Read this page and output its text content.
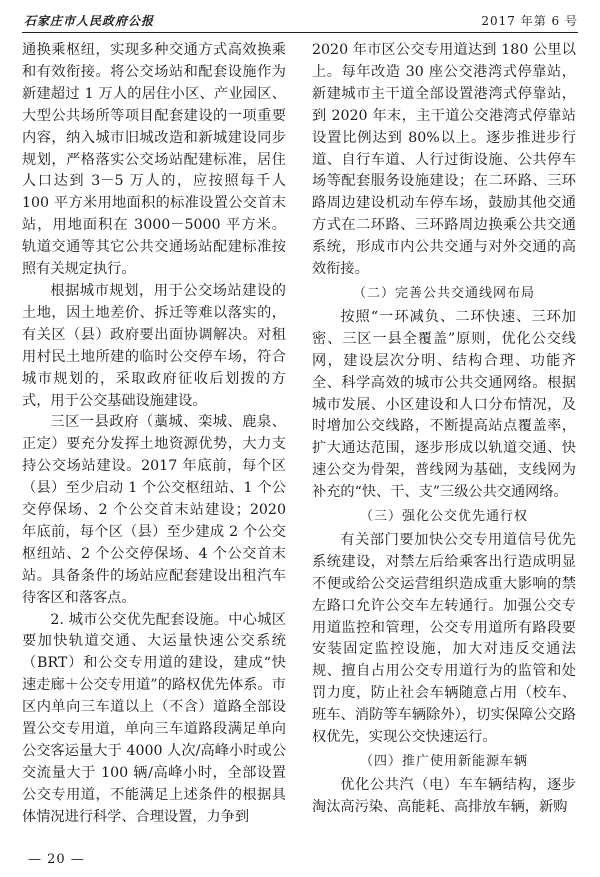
石家庄市人民政府公报	2017 年第 6 号

通换乘枢纽，实现多种交通方式高效换乘和有效衔接。将公交场站和配套设施作为新建超过 1 万人的居住小区、产业园区、大型公共场所等项目配套建设的一项重要内容，纳入城市旧城改造和新城建设同步规划，严格落实公交场站配建标准，居住人口达到 3－5 万人的，应按照每千人 100 平方米用地面积的标准设置公交首末站，用地面积在 3000－5000 平方米。轨道交通等其它公共交通场站配建标准按照有关规定执行。

根据城市规划，用于公交场站建设的土地，因土地差价、拆迁等难以落实的，有关区（县）政府要出面协调解决。对租用村民土地所建的临时公交停车场，符合城市规划的，采取政府征收后划拨的方式，用于公交基础设施建设。

三区一县政府（藁城、栾城、鹿泉、正定）要充分发挥土地资源优势，大力支持公交场站建设。2017 年底前，每个区（县）至少启动 1 个公交枢纽站、1 个公交停保场、2 个公交首末站建设；2020 年底前，每个区（县）至少建成 2 个公交枢纽站、2 个公交停保场、4 个公交首末站。具备条件的场站应配套建设出租汽车待客区和落客点。

2. 城市公交优先配套设施。中心城区要加快轨道交通、大运量快速公交系统（BRT）和公交专用道的建设，建成“快速走廊＋公交专用道”的路权优先体系。市区内单向三车道以上（不含）道路全部设置公交专用道，单向三车道路段满足单向公交客运量大于 4000 人次/高峰小时或公交流量大于 100 辆/高峰小时，全部设置公交专用道，不能满足上述条件的根据具体情况进行科学、合理设置，力争到

2020 年市区公交专用道达到 180 公里以上。每年改造 30 座公交港湾式停靠站，新建城市主干道全部设置港湾式停靠站，到 2020 年末，主干道公交港湾式停靠站设置比例达到 80%以上。逐步推进步行道、自行车道、人行过街设施、公共停车场等配套服务设施建设；在二环路、三环路周边建设机动车停车场，鼓励其他交通方式在二环路、三环路周边换乘公共交通系统，形成市内公共交通与对外交通的高效衔接。

（二）完善公共交通线网布局

按照“一环减负、二环快速、三环加密、三区一县全覆盖”原则，优化公交线网，建设层次分明、结构合理、功能齐全、科学高效的城市公共交通网络。根据城市发展、小区建设和人口分布情况，及时增加公交线路，不断提高站点覆盖率，扩大通达范围，逐步形成以轨道交通、快速公交为骨架，普线网为基础，支线网为补充的“快、干、支”三级公共交通网络。

（三）强化公交优先通行权

有关部门要加快公交专用道信号优先系统建设，对禁左后给乘客出行造成明显不便或给公交运营组织造成重大影响的禁左路口允许公交车左转通行。加强公交专用道监控和管理，公交专用道所有路段要安装固定监控设施，加大对违反交通法规、擅自占用公交专用道行为的监管和处罚力度，防止社会车辆随意占用（校车、班车、消防等车辆除外），切实保障公交路权优先，实现公交快速运行。

（四）推广使用新能源车辆

优化公共汽（电）车车辆结构，逐步淘汰高污染、高能耗、高排放车辆，新购

— 20 —
